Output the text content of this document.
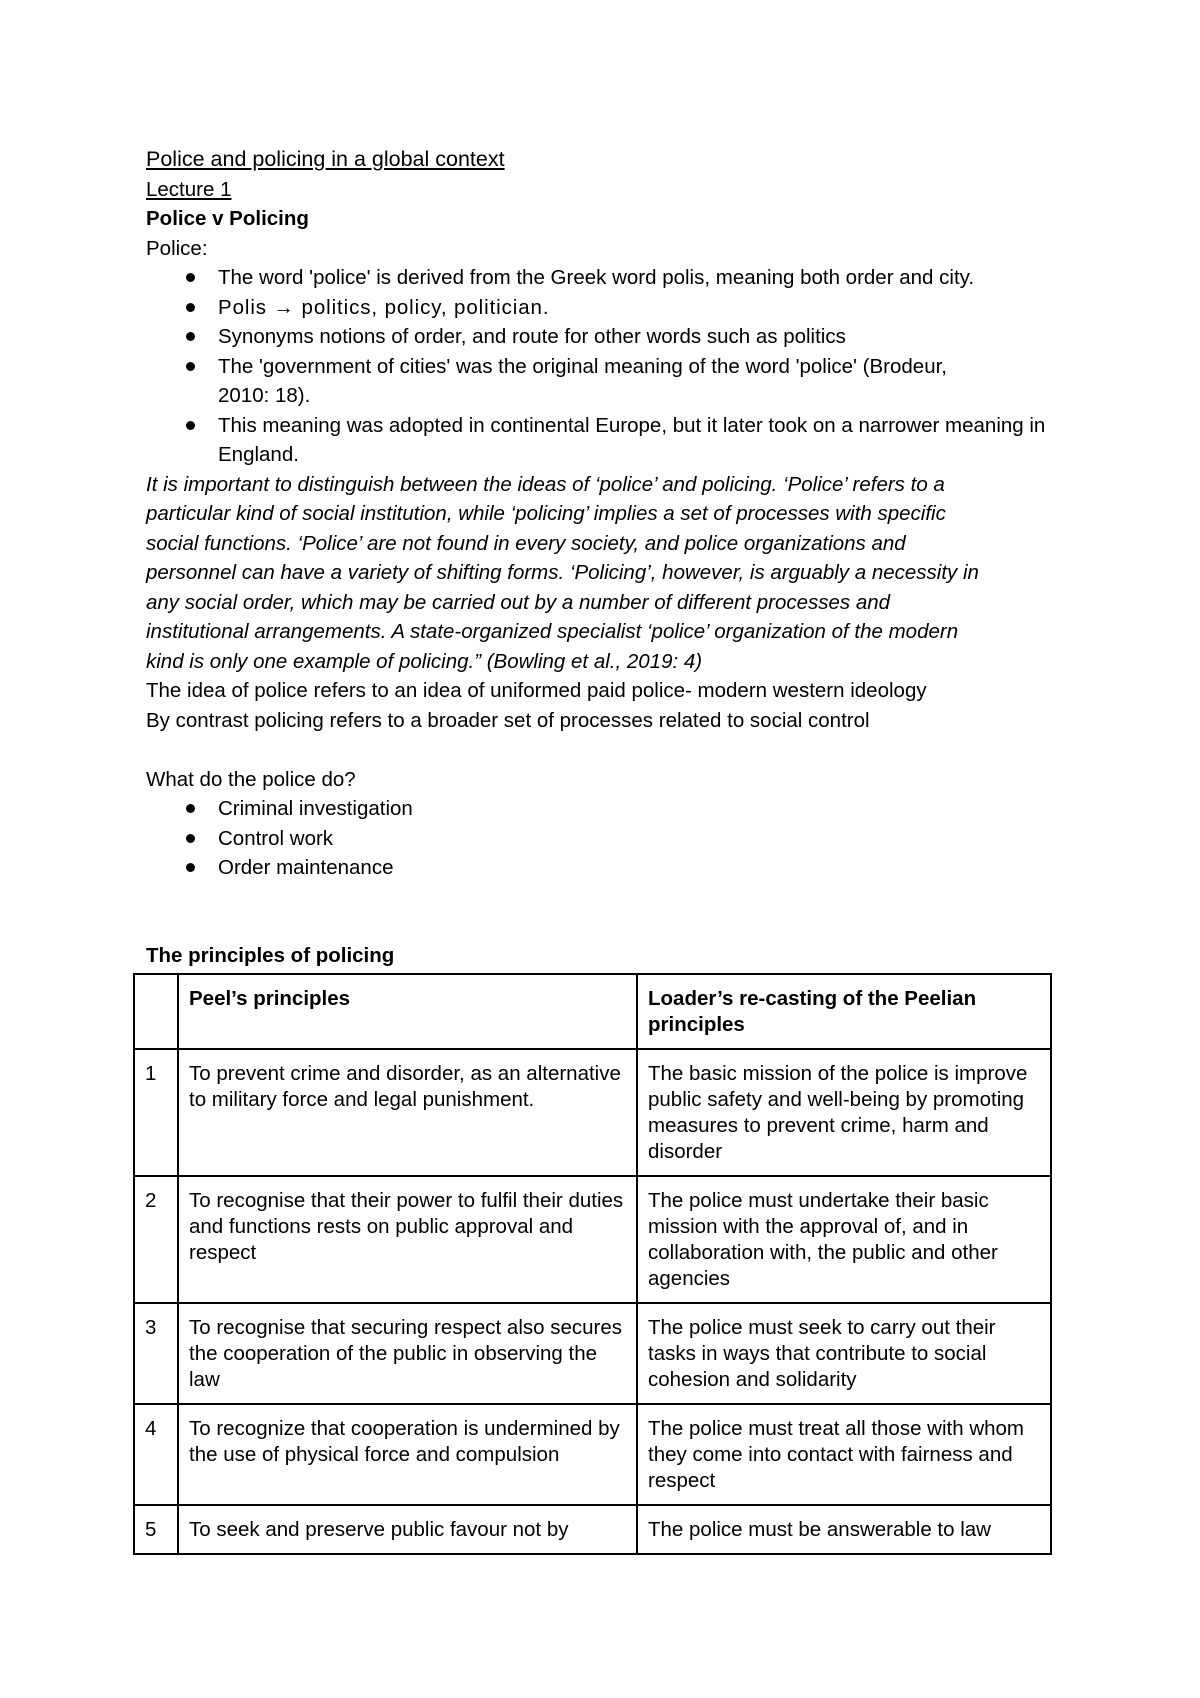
Police and policing in a global context

Lecture 1

Police v Policing

Police:

The word 'police' is derived from the Greek word polis, meaning both order and city.
Polis → politics, policy, politician.
Synonyms notions of order, and route for other words such as politics
The 'government of cities' was the original meaning of the word 'police' (Brodeur, 2010: 18).
This meaning was adopted in continental Europe, but it later took on a narrower meaning in England.

It is important to distinguish between the ideas of ‘police’ and policing. ‘Police’ refers to a

particular kind of social institution, while ‘policing’ implies a set of processes with specific

social functions. ‘Police’ are not found in every society, and police organizations and

personnel can have a variety of shifting forms. ‘Policing’, however, is arguably a necessity in

any social order, which may be carried out by a number of different processes and

institutional arrangements. A state-organized specialist ‘police’ organization of the modern

kind is only one example of policing.” (Bowling et al., 2019: 4)

The idea of police refers to an idea of uniformed paid police- modern western ideology

By contrast policing refers to a broader set of processes related to social control

What do the police do?

Criminal investigation
Control work
Order maintenance

The principles of policing

	Peel’s principles	Loader’s re-casting of the Peelian principles
1	To prevent crime and disorder, as an alternative to military force and legal punishment.	The basic mission of the police is improve public safety and well-being by promoting measures to prevent crime, harm and disorder
2	To recognise that their power to fulfil their duties and functions rests on public approval and respect	The police must undertake their basic mission with the approval of, and in collaboration with, the public and other agencies
3	To recognise that securing respect also secures the cooperation of the public in observing the law	The police must seek to carry out their tasks in ways that contribute to social cohesion and solidarity
4	To recognize that cooperation is undermined by the use of physical force and compulsion	The police must treat all those with whom they come into contact with fairness and respect
5	To seek and preserve public favour not by	The police must be answerable to law
